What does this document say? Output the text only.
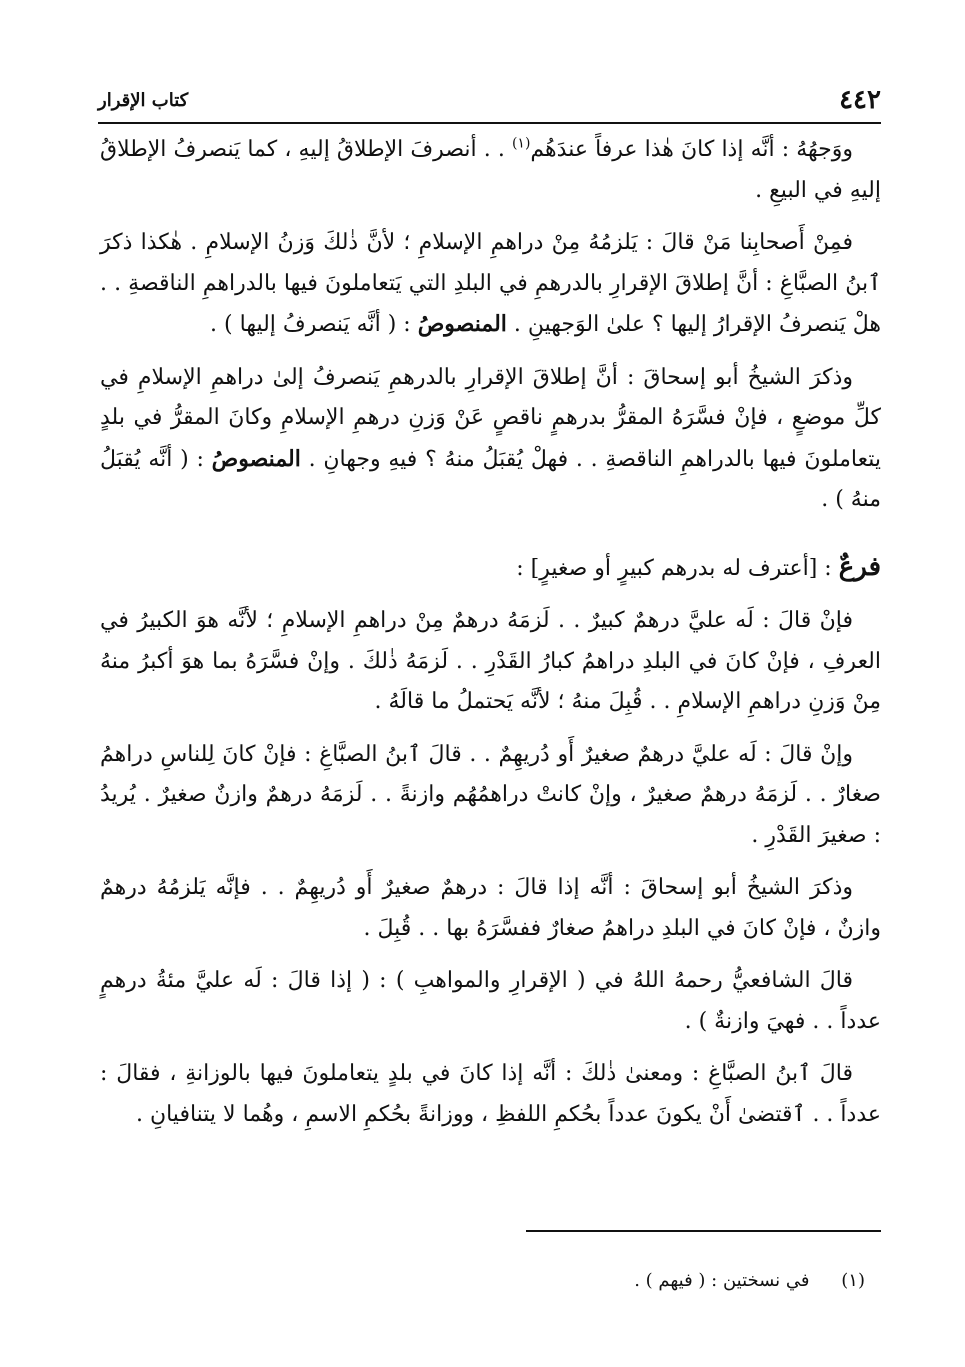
٤٤٢
كتاب الإقرار

ووَجهُهُ : أنَّه إذا كانَ هٰذا عرفاً عندَهُم$^{(١)}$ . . أنصرفَ الإطلاقُ إليهِ ، كما يَنصرفُ الإطلاقُ إليهِ في البيعِ .

فمِنْ أَصحابِنا مَنْ قالَ : يَلزمُهُ مِنْ دراهمِ الإسلامِ ؛ لأنَّ ذٰلكَ وَزنُ الإسلامِ . هٰكذا ذكرَ ٱبنُ الصبَّاغِ : أنَّ إطلاقَ الإقرارِ بالدرهمِ في البلدِ التي يَتعاملونَ فيها بالدراهمِ الناقصةِ . . هلْ يَنصرفُ الإقرارُ إليها ؟ علىٰ الوَجهينِ . المنصوصُ : ( أنَّه يَنصرفُ إليها ) .

وذكرَ الشيخُ أبو إسحاقَ : أنَّ إطلاقَ الإقرارِ بالدرهمِ يَنصرفُ إلىٰ دراهمِ الإسلامِ في كلِّ موضعٍ ، فإنْ فسَّرَهُ المقرُّ بدرهمٍ ناقصٍ عَنْ وَزنِ درهمِ الإسلامِ وكانَ المقرُّ في بلدٍ يتعاملونَ فيها بالدراهمِ الناقصةِ . . فهلْ يُقبَلُ منهُ ؟ فيهِ وجهانِ . المنصوصُ : ( أنَّه يُقبَلُ منهُ ) .

فرعٌ : [أعترف له بدرهم كبيرٍ أو صغيرٍ] :

فإنْ قالَ : لَه عليَّ درهمٌ كبيرٌ . . لَزمَهُ درهمٌ مِنْ دراهمِ الإسلامِ ؛ لأنَّه هوَ الكبيرُ في العرفِ ، فإنْ كانَ في البلدِ دراهمُ كبارُ القَدْرِ . . لَزمَهُ ذٰلكَ . وإنْ فسَّرَهُ بما هوَ أكبرُ منهُ مِنْ وَزنِ دراهمِ الإسلامِ . . قُبِلَ منهُ ؛ لأنَّه يَحتملُ ما قالَهُ .

وإنْ قالَ : لَه عليَّ درهمٌ صغيرٌ أَو دُريهِمٌ . . قالَ ٱبنُ الصبَّاغِ : فإنْ كانَ لِلناسِ دراهمُ صغارٌ . . لَزمَهُ درهمٌ صغيرٌ ، وإنْ كانتْ دراهمُهُم وازنةً . . لَزمَهُ درهمٌ وازنٌ صغيرٌ . يُريدُ : صغيرَ القَدْرِ .

وذكرَ الشيخُ أبو إسحاقَ : أنَّه إذا قالَ : درهمٌ صغيرٌ أَو دُريهِمٌ . . فإنَّه يَلزمُهُ درهمٌ وازنٌ ، فإنْ كانَ في البلدِ دراهمُ صغارٌ ففسَّرَهُ بها . . قُبِلَ .

قالَ الشافعيُّ رحمهُ اللهُ في ( الإقرارِ والمواهبِ ) : ( إذا قالَ : لَه عليَّ مئةُ درهمٍ عدداً . . فهيَ وازنةٌ ) .

قالَ ٱبنُ الصبَّاغِ : ومعنىٰ ذٰلكَ : أنَّه إذا كانَ في بلدٍ يتعاملونَ فيها بالوزانةِ ، فقالَ : عدداً . . ٱقتضىٰ أَنْ يكونَ عدداً بحُكمِ اللفظِ ، ووزانةً بحُكمِ الاسمِ ، وهُما لا يتنافيانِ .

(١) في نسختين : ( فيهم ) .
